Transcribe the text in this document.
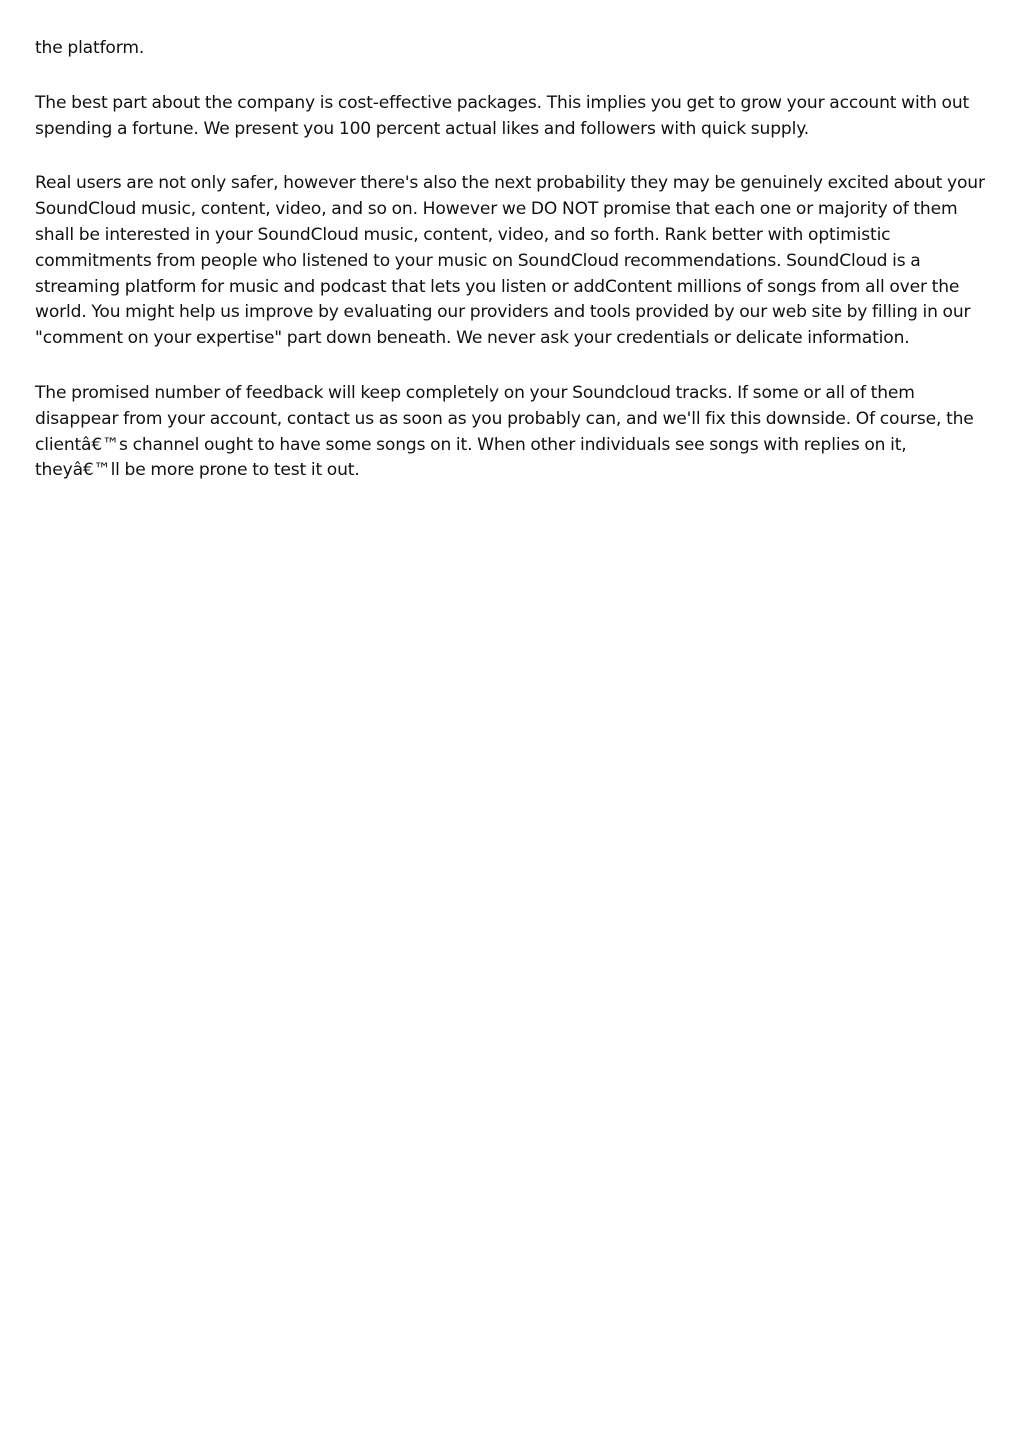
the platform.

The best part about the company is cost-effective packages. This implies you get to grow your account with out spending a fortune. We present you 100 percent actual likes and followers with quick supply.

Real users are not only safer, however there's also the next probability they may be genuinely excited about your SoundCloud music, content, video, and so on. However we DO NOT promise that each one or majority of them shall be interested in your SoundCloud music, content, video, and so forth. Rank better with optimistic commitments from people who listened to your music on SoundCloud recommendations. SoundCloud is a streaming platform for music and podcast that lets you listen or addContent millions of songs from all over the world. You might help us improve by evaluating our providers and tools provided by our web site by filling in our "comment on your expertise" part down beneath. We never ask your credentials or delicate information.

The promised number of feedback will keep completely on your Soundcloud tracks. If some or all of them disappear from your account, contact us as soon as you probably can, and we'll fix this downside. Of course, the clientâ€™s channel ought to have some songs on it. When other individuals see songs with replies on it, theyâ€™ll be more prone to test it out.
